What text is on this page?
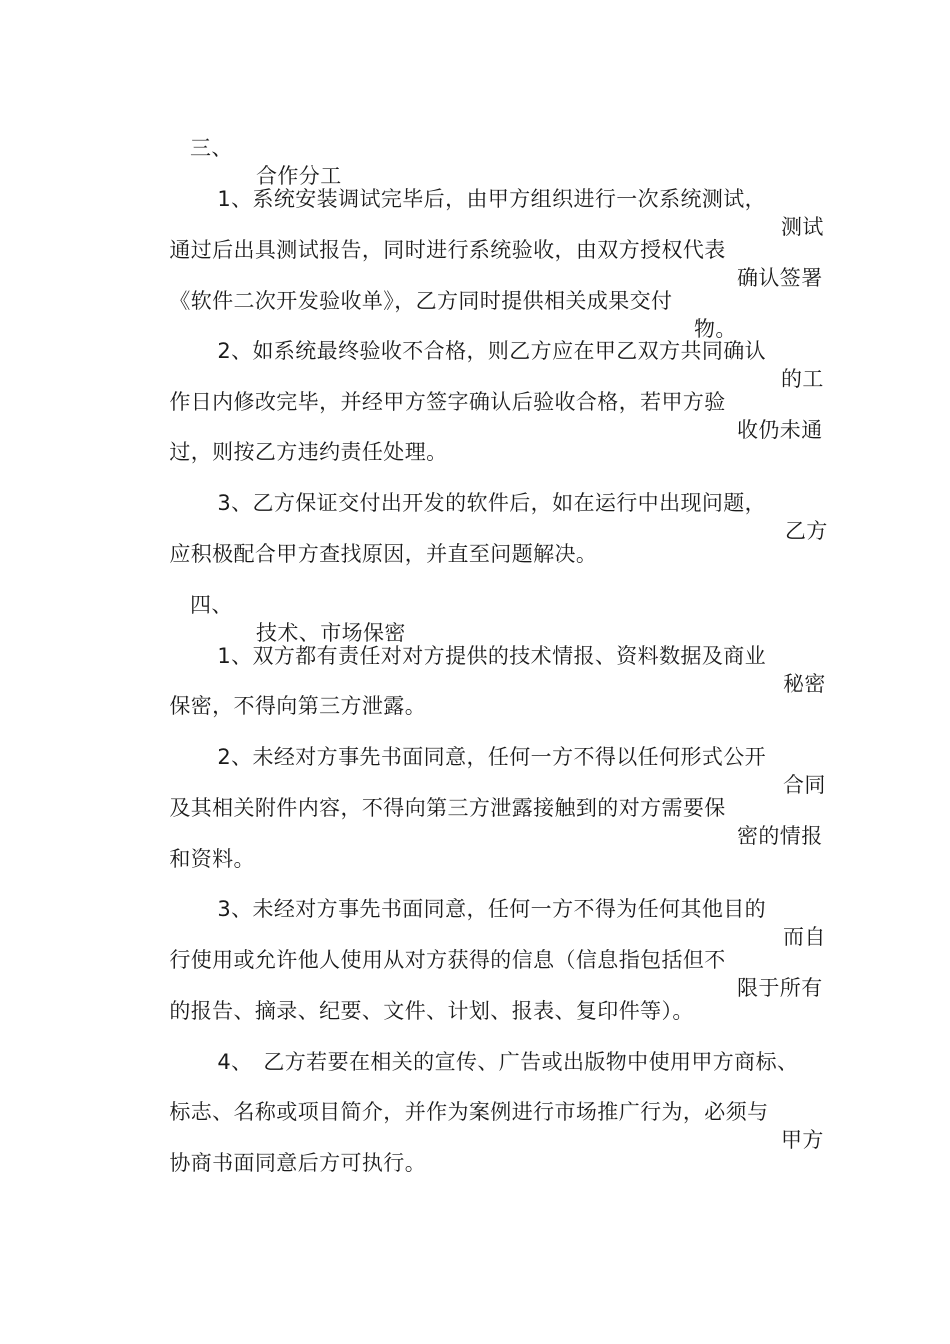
三、

合作分工

1、系统安装调试完毕后，由甲方组织进行一次系统测试，

测试

通过后出具测试报告，同时进行系统验收，由双方授权代表

确认签署

《软件二次开发验收单》，乙方同时提供相关成果交付

物。

2、如系统最终验收不合格，则乙方应在甲乙双方共同确认

的工

作日内修改完毕，并经甲方签字确认后验收合格，若甲方验

收仍未通

过，则按乙方违约责任处理。

3、乙方保证交付出开发的软件后，如在运行中出现问题，

乙方

应积极配合甲方查找原因，并直至问题解决。

四、

技术、市场保密

1、双方都有责任对对方提供的技术情报、资料数据及商业

秘密

保密，不得向第三方泄露。

2、未经对方事先书面同意，任何一方不得以任何形式公开

合同

及其相关附件内容，不得向第三方泄露接触到的对方需要保

密的情报

和资料。

3、未经对方事先书面同意，任何一方不得为任何其他目的

而自

行使用或允许他人使用从对方获得的信息（信息指包括但不

限于所有

的报告、摘录、纪要、文件、计划、报表、复印件等）。

4、　乙方若要在相关的宣传、广告或出版物中使用甲方商标、

标志、名称或项目简介，并作为案例进行市场推广行为，必须与

甲方

协商书面同意后方可执行。
